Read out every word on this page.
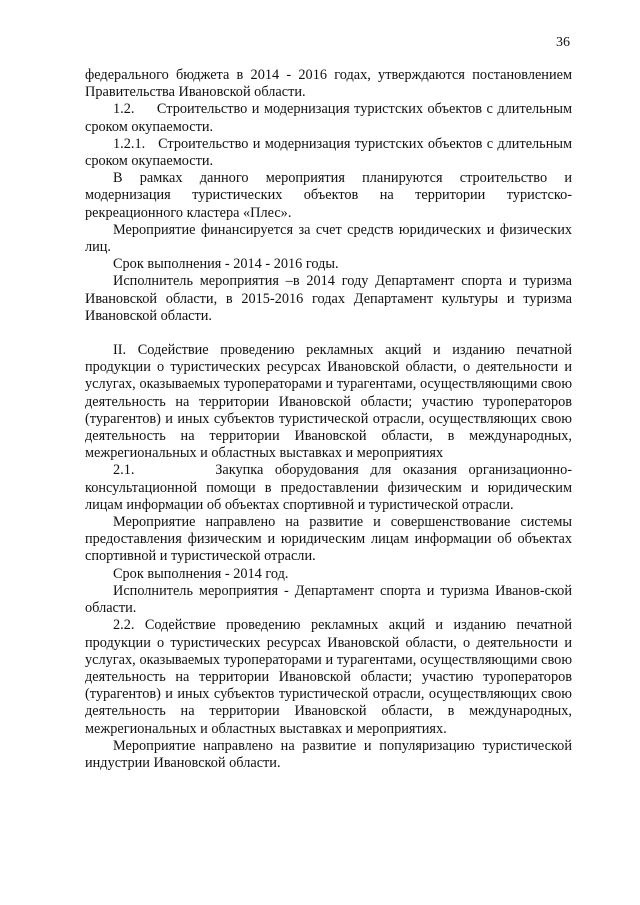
36

федерального бюджета в 2014 - 2016 годах, утверждаются постановлением Правительства Ивановской области.

1.2.     Строительство и модернизация туристских объектов с длительным сроком окупаемости.

1.2.1.   Строительство и модернизация туристских объектов с длительным сроком окупаемости.

В рамках данного мероприятия планируются строительство и модернизация туристических объектов на территории туристско-рекреационного кластера «Плес».

Мероприятие финансируется за счет средств юридических и физических лиц.

Срок выполнения - 2014 - 2016 годы.

Исполнитель мероприятия –в 2014 году Департамент спорта и туризма Ивановской области, в 2015-2016 годах Департамент культуры и туризма Ивановской области.

II. Содействие проведению рекламных акций и изданию печатной продукции о туристических ресурсах Ивановской области, о деятельности и услугах, оказываемых туроператорами и турагентами, осуществляющими свою деятельность на территории Ивановской области; участию туроператоров (турагентов) и иных субъектов туристической отрасли, осуществляющих свою деятельность на территории Ивановской области, в международных, межрегиональных и областных выставках и мероприятиях

2.1.       Закупка оборудования для оказания организационно-консультационной помощи в предоставлении физическим и юридическим лицам информации об объектах спортивной и туристической отрасли.

Мероприятие направлено на развитие и совершенствование системы предоставления физическим и юридическим лицам информации об объектах спортивной и туристической отрасли.

Срок выполнения - 2014 год.

Исполнитель мероприятия - Департамент спорта и туризма Иванов-ской области.

2.2. Содействие проведению рекламных акций и изданию печатной продукции о туристических ресурсах Ивановской области, о деятельности и услугах, оказываемых туроператорами и турагентами, осуществляющими свою деятельность на территории Ивановской области; участию туроператоров (турагентов) и иных субъектов туристической отрасли, осуществляющих свою деятельность на территории Ивановской области, в международных, межрегиональных и областных выставках и мероприятиях.

Мероприятие направлено на развитие и популяризацию туристической индустрии Ивановской области.
